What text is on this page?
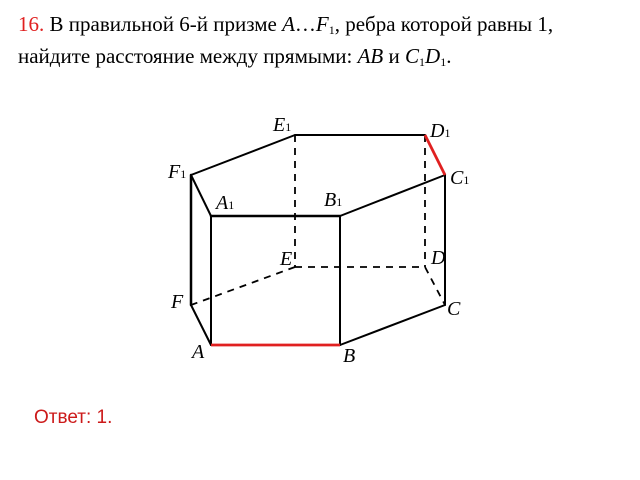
16. В правильной 6-й призме $A\dots F_1$, ребра которой равны 1, найдите расстояние между прямыми: AB и $C_1D_1$.

E1	D1
F1	C1
A1	B1
E	D
F	C
A	B

Ответ: 1.
